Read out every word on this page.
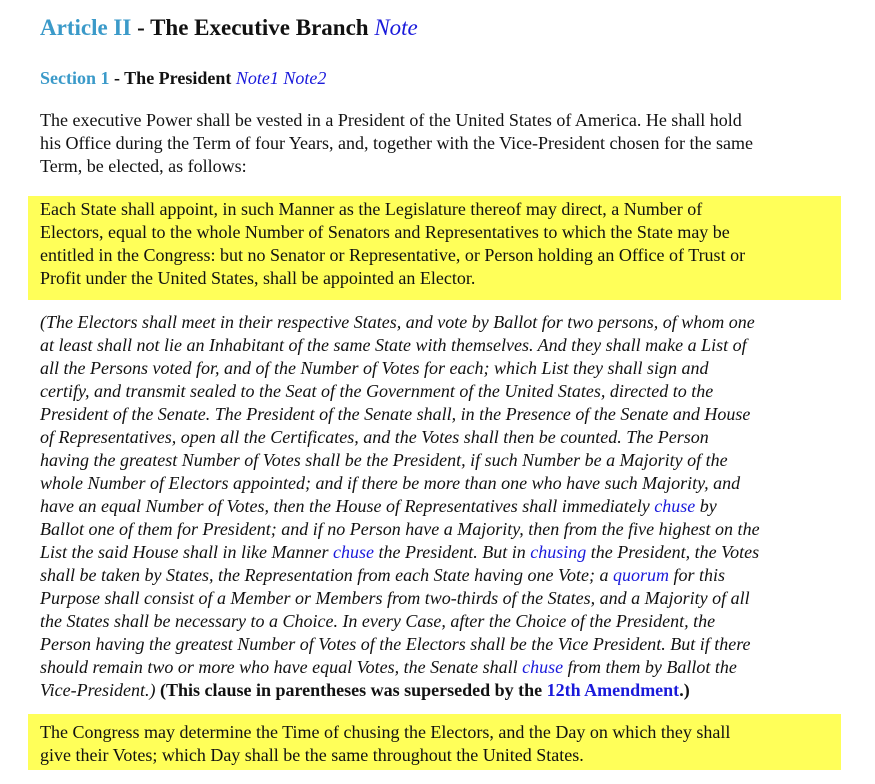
Article II - The Executive Branch Note
Section 1 - The President Note1 Note2
The executive Power shall be vested in a President of the United States of America. He shall hold
his Office during the Term of four Years, and, together with the Vice-President chosen for the same
Term, be elected, as follows:
Each State shall appoint, in such Manner as the Legislature thereof may direct, a Number of
Electors, equal to the whole Number of Senators and Representatives to which the State may be
entitled in the Congress: but no Senator or Representative, or Person holding an Office of Trust or
Profit under the United States, shall be appointed an Elector.
(The Electors shall meet in their respective States, and vote by Ballot for two persons, of whom one
at least shall not lie an Inhabitant of the same State with themselves. And they shall make a List of
all the Persons voted for, and of the Number of Votes for each; which List they shall sign and
certify, and transmit sealed to the Seat of the Government of the United States, directed to the
President of the Senate. The President of the Senate shall, in the Presence of the Senate and House
of Representatives, open all the Certificates, and the Votes shall then be counted. The Person
having the greatest Number of Votes shall be the President, if such Number be a Majority of the
whole Number of Electors appointed; and if there be more than one who have such Majority, and
have an equal Number of Votes, then the House of Representatives shall immediately chuse by
Ballot one of them for President; and if no Person have a Majority, then from the five highest on the
List the said House shall in like Manner chuse the President. But in chusing the President, the Votes
shall be taken by States, the Representation from each State having one Vote; a quorum for this
Purpose shall consist of a Member or Members from two-thirds of the States, and a Majority of all
the States shall be necessary to a Choice. In every Case, after the Choice of the President, the
Person having the greatest Number of Votes of the Electors shall be the Vice President. But if there
should remain two or more who have equal Votes, the Senate shall chuse from them by Ballot the
Vice-President.) (This clause in parentheses was superseded by the 12th Amendment.)
The Congress may determine the Time of chusing the Electors, and the Day on which they shall
give their Votes; which Day shall be the same throughout the United States.
